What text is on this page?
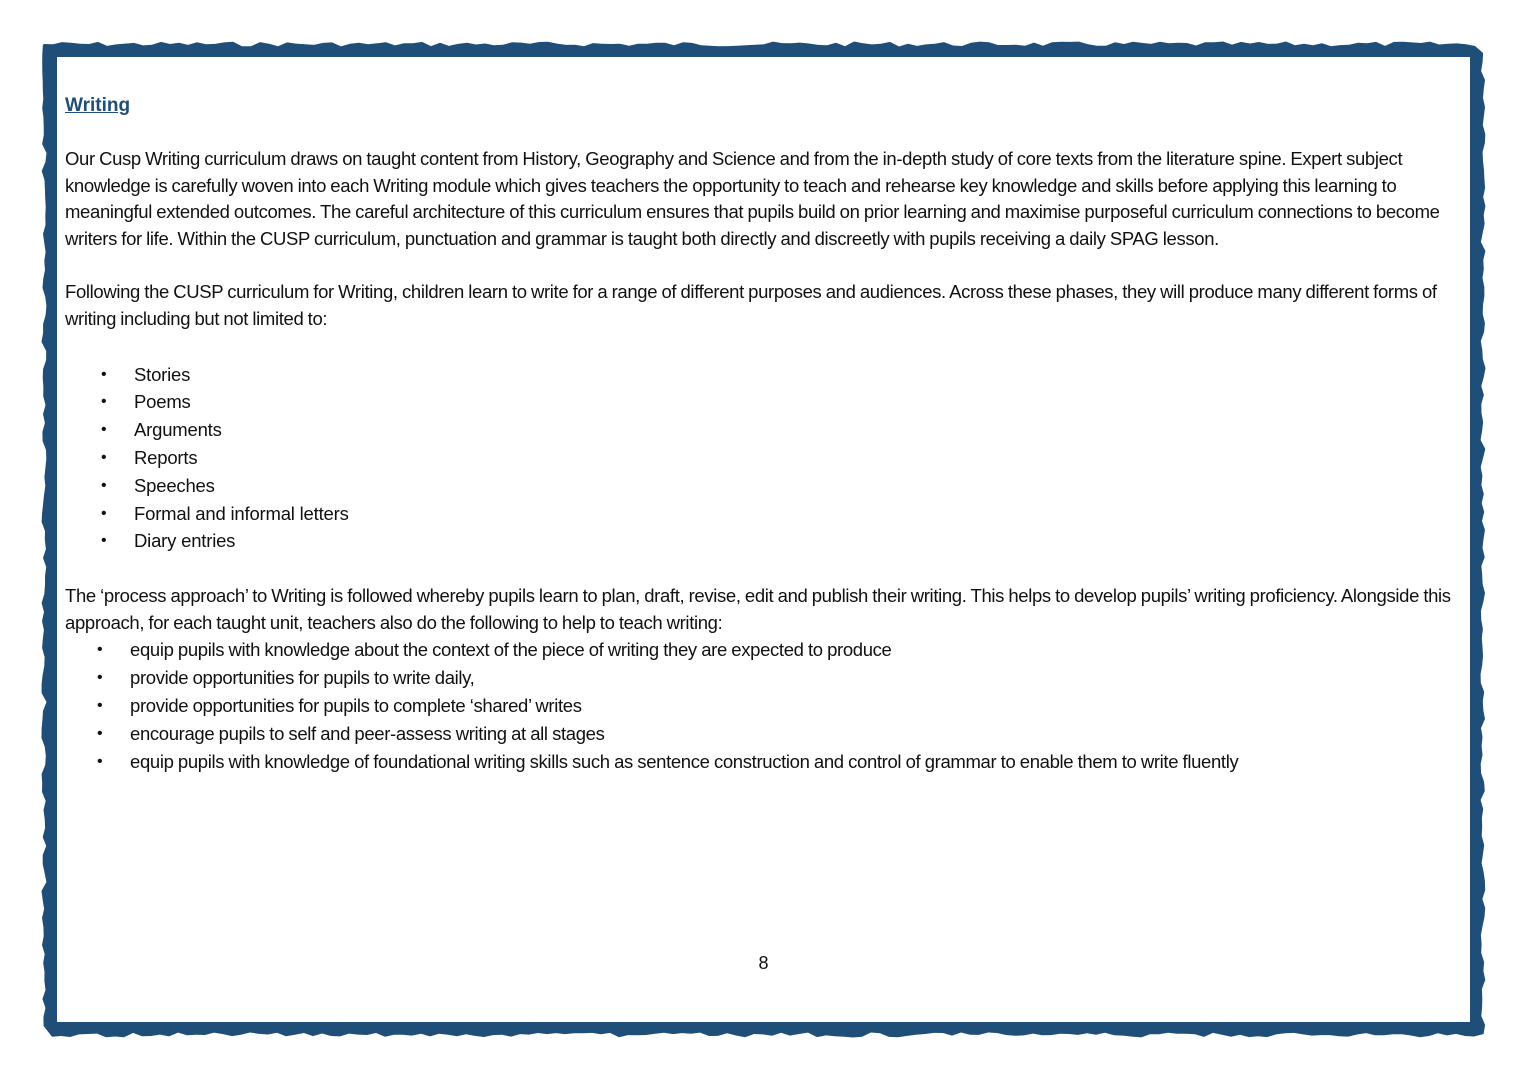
Writing

Our Cusp Writing curriculum draws on taught content from History, Geography and Science and from the in-depth study of core texts from the literature spine. Expert subject knowledge is carefully woven into each Writing module which gives teachers the opportunity to teach and rehearse key knowledge and skills before applying this learning to meaningful extended outcomes. The careful architecture of this curriculum ensures that pupils build on prior learning and maximise purposeful curriculum connections to become writers for life. Within the CUSP curriculum, punctuation and grammar is taught both directly and discreetly with pupils receiving a daily SPAG lesson.

Following the CUSP curriculum for Writing, children learn to write for a range of different purposes and audiences. Across these phases, they will produce many different forms of writing including but not limited to:

• Stories
• Poems
• Arguments
• Reports
• Speeches
• Formal and informal letters
• Diary entries

The ‘process approach’ to Writing is followed whereby pupils learn to plan, draft, revise, edit and publish their writing. This helps to develop pupils’ writing proficiency. Alongside this approach, for each taught unit, teachers also do the following to help to teach writing:

• equip pupils with knowledge about the context of the piece of writing they are expected to produce
• provide opportunities for pupils to write daily,
• provide opportunities for pupils to complete ‘shared’ writes
• encourage pupils to self and peer-assess writing at all stages
• equip pupils with knowledge of foundational writing skills such as sentence construction and control of grammar to enable them to write fluently
8
